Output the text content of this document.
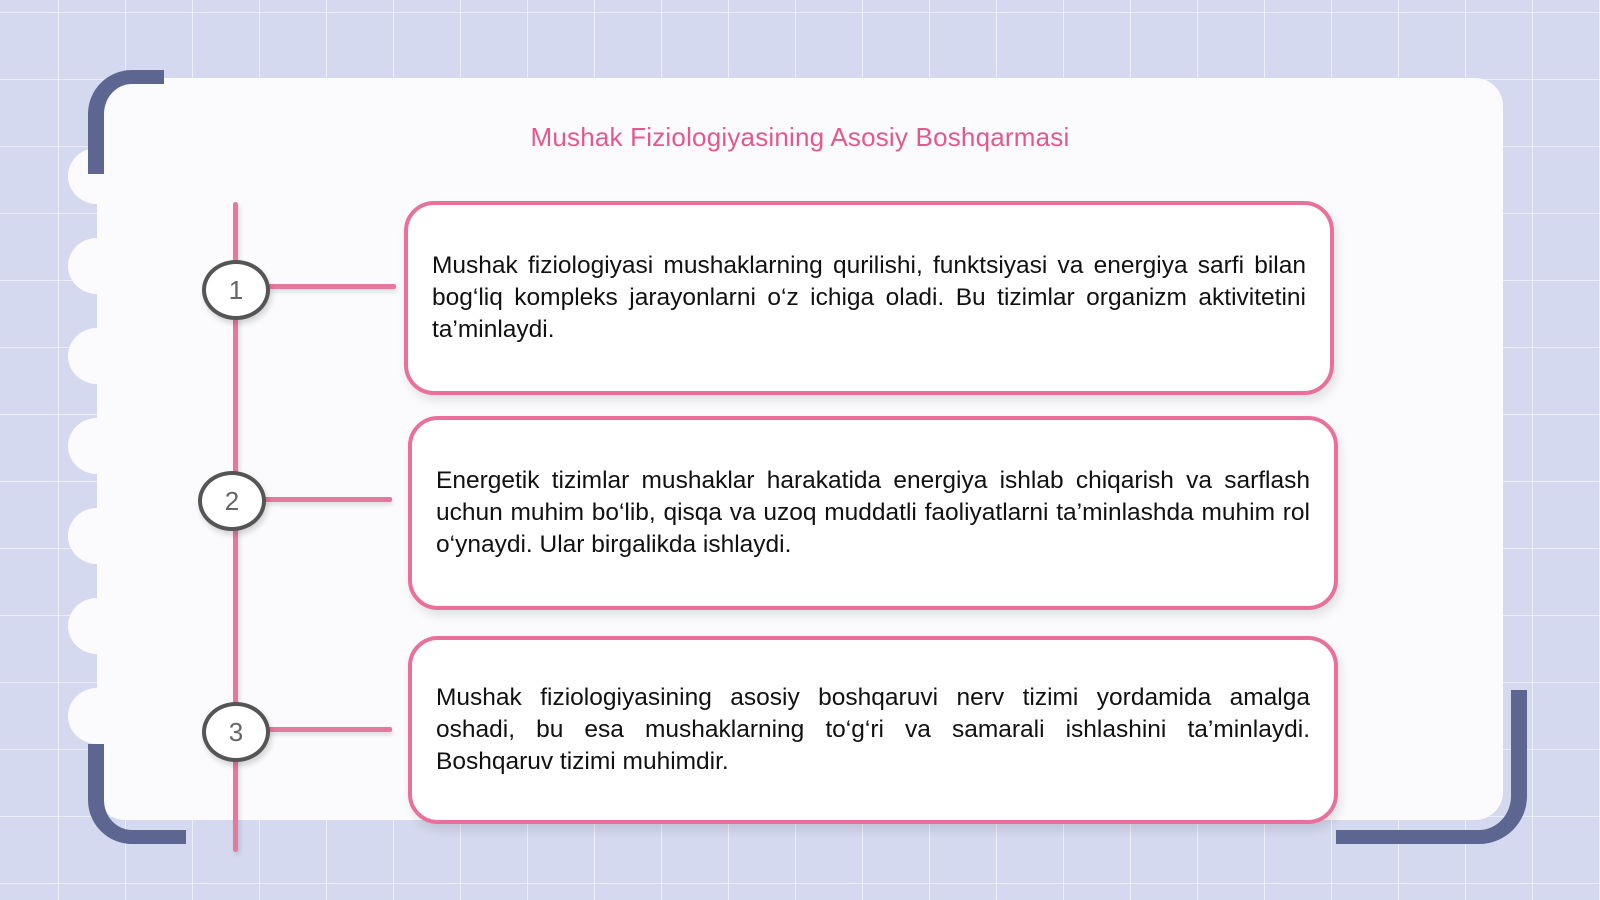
Mushak Fiziologiyasining Asosiy Boshqarmasi
1
2
3

Mushak fiziologiyasi mushaklarning qurilishi, funktsiyasi va energiya sarfi bilan bog‘liq kompleks jarayonlarni o‘z ichiga oladi. Bu tizimlar organizm aktivitetini ta’minlaydi.

Energetik tizimlar mushaklar harakatida energiya ishlab chiqarish va sarflash uchun muhim bo‘lib, qisqa va uzoq muddatli faoliyatlarni ta’minlashda muhim rol o‘ynaydi. Ular birgalikda ishlaydi.

Mushak fiziologiyasining asosiy boshqaruvi nerv tizimi yordamida amalga oshadi, bu esa mushaklarning to‘g‘ri va samarali ishlashini ta’minlaydi. Boshqaruv tizimi muhimdir.
